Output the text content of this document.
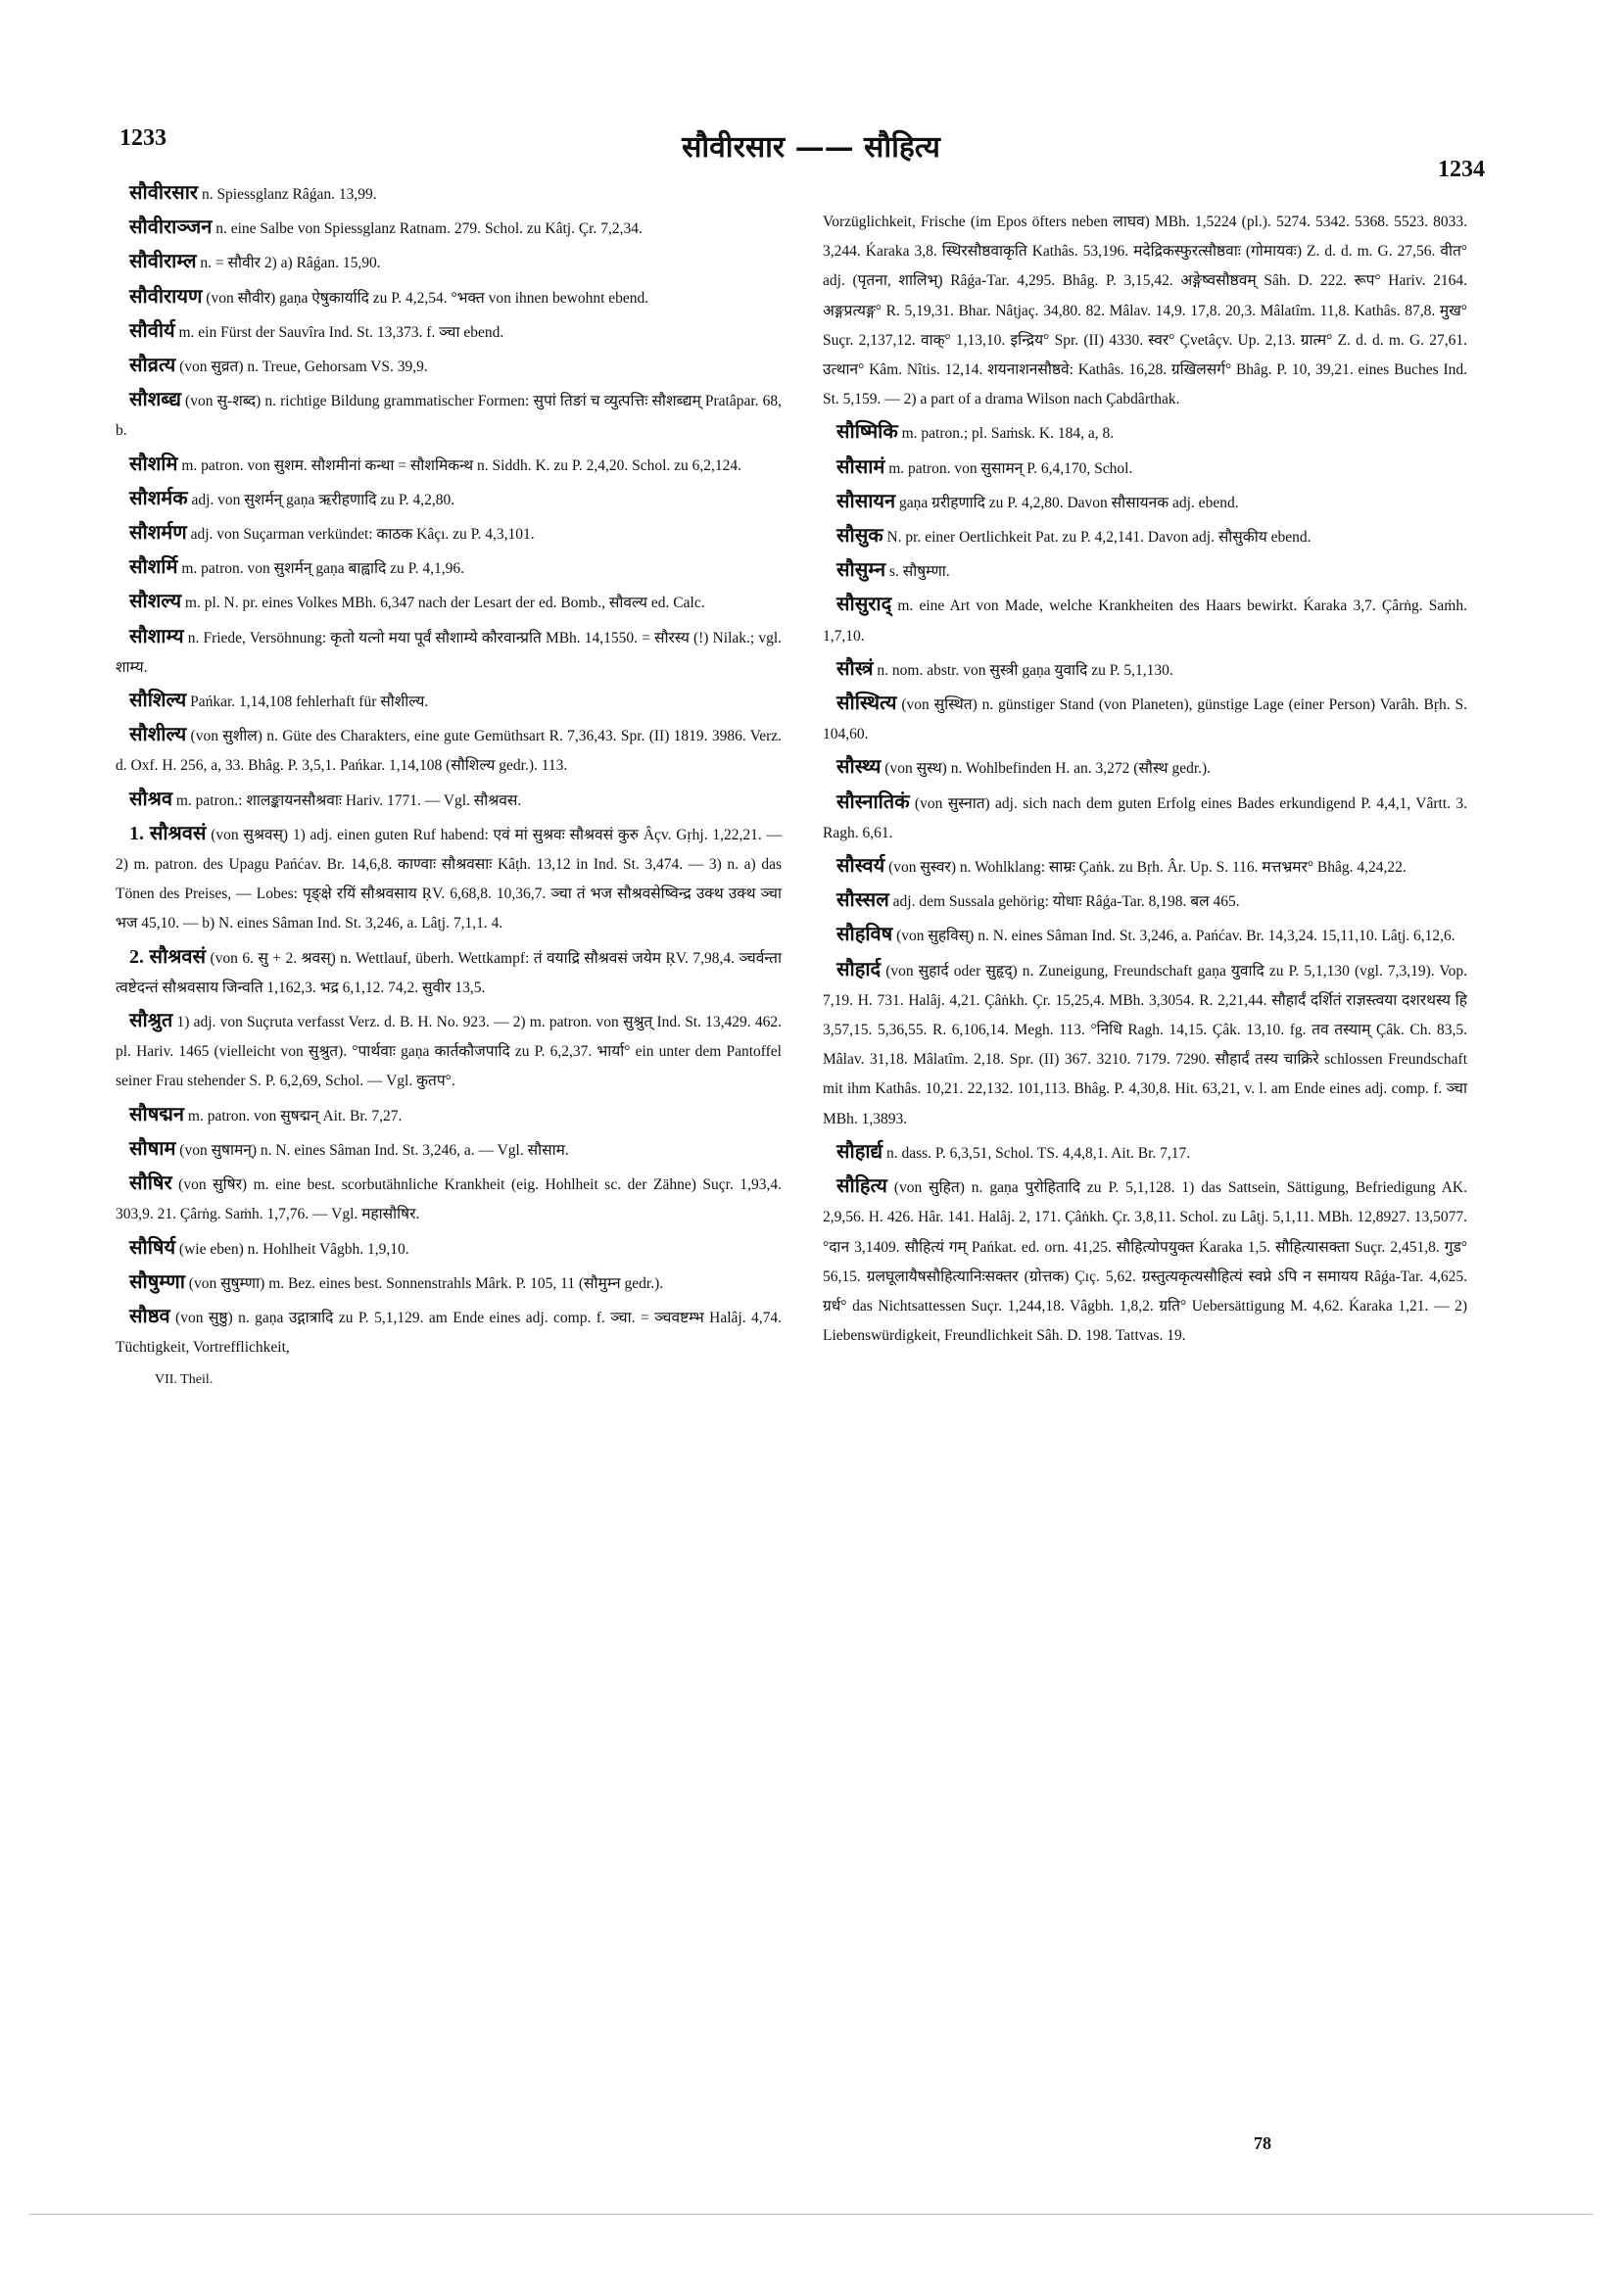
1233	सौवीरसार —— सौहित्य
1234

सौवीरसार n. Spiessglanz Râǵan. 13,99.

सौवीराञ्जन n. eine Salbe von Spiessglanz Ratnam. 279. Schol. zu Kâtj. Çr. 7,2,34.

सौवीराम्ल n. = सौवीर 2) a) Râǵan. 15,90.

सौवीरायण (von सौवीर) gaṇa ऐषुकार्यादि zu P. 4,2,54. °भक्त von ihnen bewohnt ebend.

सौवीर्य m. ein Fürst der Sauvîra Ind. St. 13,373. f. ञ्चा ebend.

सौव्रत्य (von सुव्रत) n. Treue, Gehorsam VS. 39,9.

सौशब्द्य (von सु-शब्द) n. richtige Bildung grammatischer Formen: सुपां तिङां च व्युत्पत्तिः सौशब्द्यम् Pratâpar. 68, b.

सौशमि m. patron. von सुशम. सौशमीनां कन्था = सौशमिकन्थ n. Siddh. K. zu P. 2,4,20. Schol. zu 6,2,124.

सौशर्मक adj. von सुशर्मन् gaṇa ऋरीहणादि zu P. 4,2,80.

सौशर्मण adj. von Suçarman verkündet: काठक Kâçı. zu P. 4,3,101.

सौशर्मि m. patron. von सुशर्मन् gaṇa बाह्वादि zu P. 4,1,96.

सौशल्य m. pl. N. pr. eines Volkes MBh. 6,347 nach der Lesart der ed. Bomb., सौवल्य ed. Calc.

सौशाम्य n. Friede, Versöhnung: कृतो यत्नो मया पूर्वं सौशाम्ये कौरवान्प्रति MBh. 14,1550. = सौरस्य (!) Nilak.; vgl. शाम्य.

सौशिल्य Pańkar. 1,14,108 fehlerhaft für सौशील्य.

सौशील्य (von सुशील) n. Güte des Charakters, eine gute Gemüthsart R. 7,36,43. Spr. (II) 1819. 3986. Verz. d. Oxf. H. 256, a, 33. Bhâg. P. 3,5,1. Pańkar. 1,14,108 (सौशिल्य gedr.). 113.

सौश्रव m. patron.: शालङ्कायनसौश्रवाः Hariv. 1771. — Vgl. सौश्रवस.

1. सौश्रवसं (von सुश्रवस्) 1) adj. einen guten Ruf habend: एवं मां सुश्रवः सौश्रवसं कुरु Âçv. Gṛhj. 1,22,21. — 2) m. patron. des Upagu Pańćav. Br. 14,6,8. काण्वाः सौश्रवसाः Kâṭh. 13,12 in Ind. St. 3,474. — 3) n. a) das Tönen des Preises, — Lobes: पृङ्क्षे रयिं सौश्रवसाय ṚV. 6,68,8. 10,36,7. ञ्चा तं भज सौश्रवसेष्विन्द्र उक्थ उक्थ ञ्चा भज 45,10. — b) N. eines Sâman Ind. St. 3,246, a. Lâṭj. 7,1,1. 4.

2. सौश्रवसं (von 6. सु + 2. श्रवस्) n. Wettlauf, überh. Wettkampf: तं वयाद्रि सौश्रवसं जयेम ṚV. 7,98,4. ञ्चर्वन्ता त्वष्टेदन्तं सौश्रवसाय जिन्वति 1,162,3. भद्र 6,1,12. 74,2. सुवीर 13,5.

सौश्रुत 1) adj. von Suçruta verfasst Verz. d. B. H. No. 923. — 2) m. patron. von सुश्रुत् Ind. St. 13,429. 462. pl. Hariv. 1465 (vielleicht von सुश्रुत). °पार्थवाः gaṇa कार्तकौजपादि zu P. 6,2,37. भार्या° ein unter dem Pantoffel seiner Frau stehender S. P. 6,2,69, Schol. — Vgl. कुतप°.

सौषद्मन m. patron. von सुषद्मन् Ait. Br. 7,27.

सौषाम (von सुषामन्) n. N. eines Sâman Ind. St. 3,246, a. — Vgl. सौसाम.

सौषिर (von सुषिर) m. eine best. scorbutähnliche Krankheit (eig. Hohlheit sc. der Zähne) Suçr. 1,93,4. 303,9. 21. Çârṅg. Saṁh. 1,7,76. — Vgl. महासौषिर.

सौषिर्य (wie eben) n. Hohlheit Vâgbh. 1,9,10.

सौषुम्णा (von सुषुम्णा) m. Bez. eines best. Sonnenstrahls Mârk. P. 105, 11 (सौमुम्न gedr.).

सौष्ठव (von सुष्ठु) n. gaṇa उद्गात्रादि zu P. 5,1,129. am Ende eines adj. comp. f. ञ्चा. = ञ्चवष्टम्भ Halâj. 4,74. Tüchtigkeit, Vortrefflichkeit,

VII. Theil.

Vorzüglichkeit, Frische (im Epos öfters neben लाघव) MBh. 1,5224 (pl.). 5274. 5342. 5368. 5523. 8033. 3,244. Ḱaraka 3,8. स्थिरसौष्ठवाकृति Kathâs. 53,196. मदेद्रिकस्फुरत्सौष्ठवाः (गोमायवः) Z. d. d. m. G. 27,56. वीत° adj. (पृतना, शालिभ्) Râǵa-Tar. 4,295. Bhâg. P. 3,15,42. अङ्गेष्वसौष्ठवम् Sâh. D. 222. रूप° Hariv. 2164. अङ्गप्रत्यङ्ग° R. 5,19,31. Bhar. Nâṭjaç. 34,80. 82. Mâlav. 14,9. 17,8. 20,3. Mâlatîm. 11,8. Kathâs. 87,8. मुख° Suçr. 2,137,12. वाक्° 1,13,10. इन्द्रिय° Spr. (II) 4330. स्वर° Çvetâçv. Up. 2,13. ग्रात्म° Z. d. d. m. G. 27,61. उत्थान° Kâm. Nîtis. 12,14. शयनाशनसौष्ठवे: Kathâs. 16,28. ग्रखिलसर्ग° Bhâg. P. 10, 39,21. eines Buches Ind. St. 5,159. — 2) a part of a drama Wilson nach Çabdârthak.

सौष्मिकि m. patron.; pl. Saṁsk. K. 184, a, 8.

सौसामं m. patron. von सुसामन् P. 6,4,170, Schol.

सौसायन gaṇa ग्ररीहणादि zu P. 4,2,80. Davon सौसायनक adj. ebend.

सौसुक N. pr. einer Oertlichkeit Pat. zu P. 4,2,141. Davon adj. सौसुकीय ebend.

सौसुम्न s. सौषुम्णा.

सौसुराद् m. eine Art von Made, welche Krankheiten des Haars bewirkt. Ḱaraka 3,7. Çârṅg. Saṁh. 1,7,10.

सौस्त्रं n. nom. abstr. von सुस्त्री gaṇa युवादि zu P. 5,1,130.

सौस्थित्य (von सुस्थित) n. günstiger Stand (von Planeten), günstige Lage (einer Person) Varâh. Bṛh. S. 104,60.

सौस्थ्य (von सुस्थ) n. Wohlbefinden H. an. 3,272 (सौस्थ gedr.).

सौस्नातिकं (von सुस्नात) adj. sich nach dem guten Erfolg eines Bades erkundigend P. 4,4,1, Vârtt. 3. Ragh. 6,61.

सौस्वर्य (von सुस्वर) n. Wohlklang: साम्रः Çaṅk. zu Bṛh. Âr. Up. S. 116. मत्तभ्रमर° Bhâg. 4,24,22.

सौस्सल adj. dem Sussala gehörig: योधाः Râǵa-Tar. 8,198. बल 465.

सौहविष (von सुहविस्) n. N. eines Sâman Ind. St. 3,246, a. Pańćav. Br. 14,3,24. 15,11,10. Lâṭj. 6,12,6.

सौहार्द (von सुहार्द oder सुहृद्) n. Zuneigung, Freundschaft gaṇa युवादि zu P. 5,1,130 (vgl. 7,3,19). Vop. 7,19. H. 731. Halâj. 4,21. Çâṅkh. Çr. 15,25,4. MBh. 3,3054. R. 2,21,44. सौहार्दं दर्शितं राज्ञस्त्वया दशरथस्य हि 3,57,15. 5,36,55. R. 6,106,14. Megh. 113. °निधि Ragh. 14,15. Çâk. 13,10. fg. तव तस्याम् Çâk. Ch. 83,5. Mâlav. 31,18. Mâlatîm. 2,18. Spr. (II) 367. 3210. 7179. 7290. सौहार्दं तस्य चाक्रिरे schlossen Freundschaft mit ihm Kathâs. 10,21. 22,132. 101,113. Bhâg. P. 4,30,8. Hit. 63,21, v. l. am Ende eines adj. comp. f. ञ्चा MBh. 1,3893.

सौहार्द्य n. dass. P. 6,3,51, Schol. TS. 4,4,8,1. Ait. Br. 7,17.

सौहित्य (von सुहित) n. gaṇa पुरोहितादि zu P. 5,1,128. 1) das Sattsein, Sättigung, Befriedigung AK. 2,9,56. H. 426. Hâr. 141. Halâj. 2, 171. Çâṅkh. Çr. 3,8,11. Schol. zu Lâṭj. 5,1,11. MBh. 12,8927. 13,5077. °दान 3,1409. सौहित्यं गम् Pańkat. ed. orn. 41,25. सौहित्योपयुक्त Ḱaraka 1,5. सौहित्यासक्ता Suçr. 2,451,8. गुड° 56,15. ग्रलघूलायैषसौहित्यानिःसक्तर (ग्रोत्तक) Çıç. 5,62. ग्रस्तुत्यकृत्यसौहित्यं स्वप्ने ऽपि न समायय Râǵa-Tar. 4,625. ग्रर्ध° das Nichtsattessen Suçr. 1,244,18. Vâgbh. 1,8,2. ग्रति° Uebersättigung M. 4,62. Ḱaraka 1,21. — 2) Liebenswürdigkeit, Freundlichkeit Sâh. D. 198. Tattvas. 19.

78
